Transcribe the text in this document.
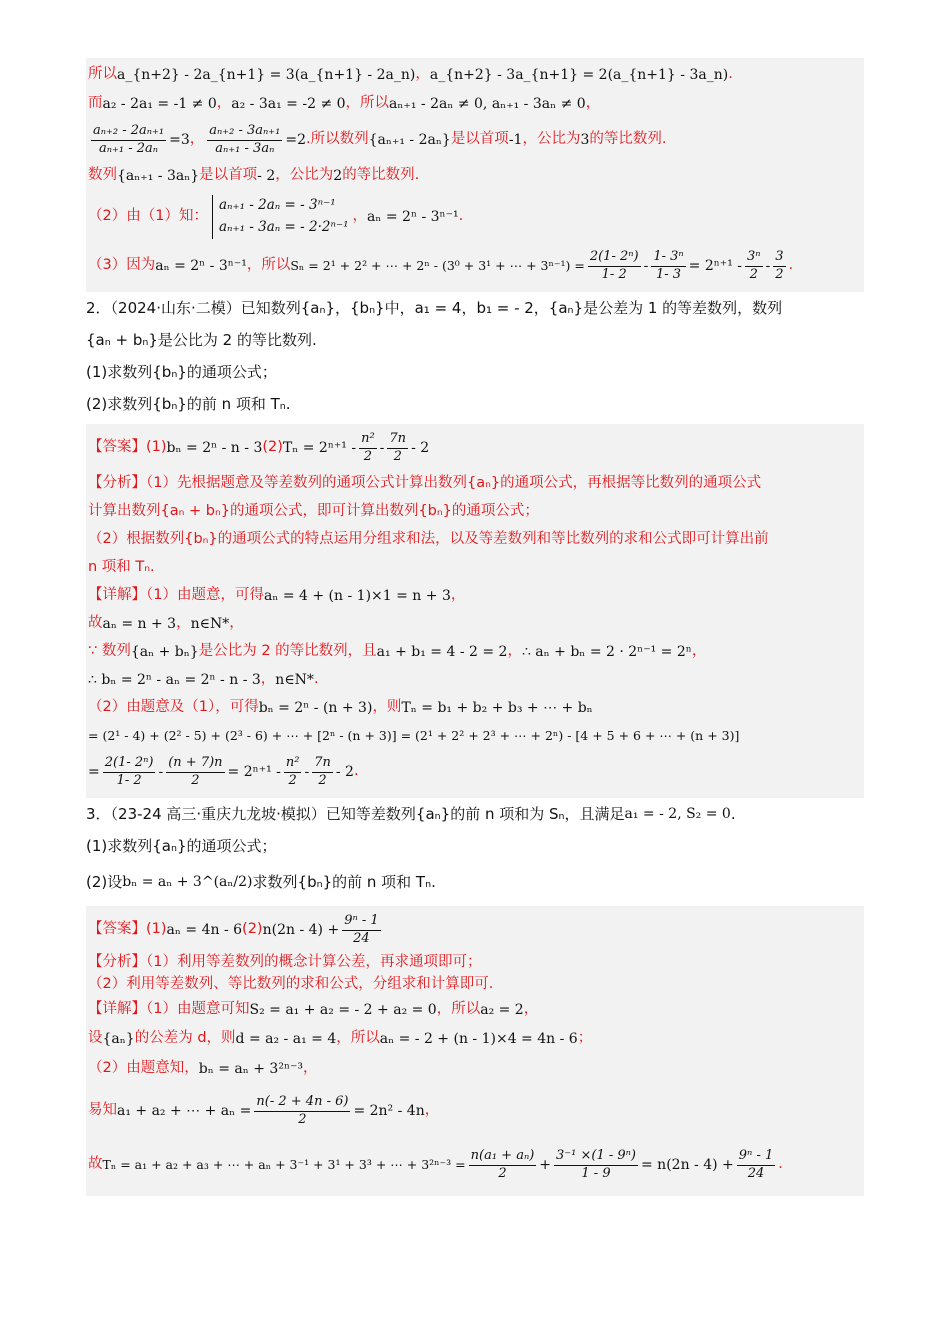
所以 a_{n+2} - 2a_{n+1} = 3(a_{n+1} - 2a_n) ， a_{n+2} - 3a_{n+1} = 2(a_{n+1} - 3a_n) .
而 a₂ - 2a₁ = -1 ≠ 0 ， a₂ - 3a₁ = -2 ≠ 0 ，所以 aₙ₊₁ - 2aₙ ≠ 0, aₙ₊₁ - 3aₙ ≠ 0 ，
$\frac{\text{aₙ₊₂ - 2aₙ₊₁}}{\text{aₙ₊₁ - 2aₙ}} =3$ ， $\frac{\text{aₙ₊₂ - 3aₙ₊₁}}{\text{aₙ₊₁ - 3aₙ}} =2$ .所以数列 {aₙ₊₁ - 2aₙ} 是以首项 -1 ，公比为 3 的等比数列.
数列 {aₙ₊₁ - 3aₙ} 是以首项 - 2 ，公比为 2 的等比数列.
（2）由（1）知：
aₙ₊₁ - 2aₙ = - 3ⁿ⁻¹
aₙ₊₁ - 3aₙ = - 2·2ⁿ⁻¹
， aₙ = 2ⁿ - 3ⁿ⁻¹ .
（3）因为 aₙ = 2ⁿ - 3ⁿ⁻¹ ，所以 Sₙ = 2¹ + 2² + ⋯ + 2ⁿ - (3⁰ + 3¹ + ⋯ + $3^{n-1}) = \frac{\text{2(1- 2ⁿ)}}{1- 2} - \frac{\text{1- 3ⁿ}}{1- 3} = 2^{n+1} - \frac{\text{3ⁿ}}{2} - \frac{3}{2}$ .
2．（2024·山东·二模）已知数列{aₙ}，{bₙ}中，a₁ = 4，b₁ = - 2，{aₙ}是公差为 1 的等差数列，数列
{aₙ + bₙ}是公比为 2 的等比数列.
(1)求数列{bₙ}的通项公式；
(2)求数列{bₙ}的前 n 项和 Tₙ.
【答案】 (1) bₙ = 2ⁿ - n - 3 (2) $T_n = 2^{n+1} - \frac{\text{n²}}{2} - \frac{7n}{2} - 2$
【分析】（1）先根据题意及等差数列的通项公式计算出数列{aₙ}的通项公式，再根据等比数列的通项公式
计算出数列{aₙ + bₙ}的通项公式，即可计算出数列{bₙ}的通项公式；
（2）根据数列{bₙ}的通项公式的特点运用分组求和法，以及等差数列和等比数列的求和公式即可计算出前
n 项和 Tₙ.
【详解】（1）由题意，可得 aₙ = 4 + (n - 1)×1 = n + 3 ，
故 aₙ = n + 3 ， n∈N* ，
∵ 数列 {aₙ + bₙ} 是公比为 2 的等比数列，且 a₁ + b₁ = 4 - 2 = 2 ， ∴ aₙ + bₙ = 2 · 2ⁿ⁻¹ = 2ⁿ ，
∴ bₙ = 2ⁿ - aₙ = 2ⁿ - n - 3 ， n∈N* .
（2）由题意及（1），可得 bₙ = 2ⁿ - (n + 3) ，则 Tₙ = b₁ + b₂ + b₃ + ⋯ + bₙ
= (2¹ - 4) + (2² - 5) + (2³ - 6) + ⋯ + [2ⁿ - (n + 3)] = (2¹ + 2² + 2³ + ⋯ + 2ⁿ) - [4 + 5 + 6 + ⋯ + (n + 3)]
= $\frac{\text{2(1- 2ⁿ)}}{1- 2} - \frac{(n + 7)n}{2} = 2^{n+1} - \frac{\text{n²}}{2} - \frac{7n}{2} - 2$ .
3．（23-24 高三·重庆九龙坡·模拟）已知等差数列{aₙ}的前 n 项和为 Sₙ，且满足 a₁ = - 2, S₂ = 0 .
(1)求数列{aₙ}的通项公式；
(2)设 bₙ = aₙ + 3^(aₙ/2) 求数列{bₙ}的前 n 项和 Tₙ.
【答案】 (1) aₙ = 4n - 6 (2) $n(2n - 4) + \frac{\text{9ⁿ - 1}}{24}$
【分析】（1）利用等差数列的概念计算公差，再求通项即可；
（2）利用等差数列、等比数列的求和公式，分组求和计算即可.
【详解】（1）由题意可知 S₂ = a₁ + a₂ = - 2 + a₂ = 0 ，所以 a₂ = 2 ，
设 {aₙ} 的公差为 d，则 d = a₂ - a₁ = 4 ，所以 aₙ = - 2 + (n - 1)×4 = 4n - 6 ；
（2）由题意知， bₙ = aₙ + 3²ⁿ⁻³ ，
易知 a₁ + a₂ + ⋯ + $a_n = \frac{n(- 2 + 4n - 6)}{2} = 2n^2 - 4n$ ，
故 Tₙ = a₁ + a₂ + a₃ + ⋯ + aₙ + 3⁻¹ + 3¹ + 3³ + ⋯ + $3^{2n-3} = \frac{\text{n(a₁ + aₙ)}}{2} + \frac{\text{3⁻¹ ×(1 - 9ⁿ)}}{1 - 9} = n(2n - 4) + \frac{\text{9ⁿ - 1}}{24}$ .
